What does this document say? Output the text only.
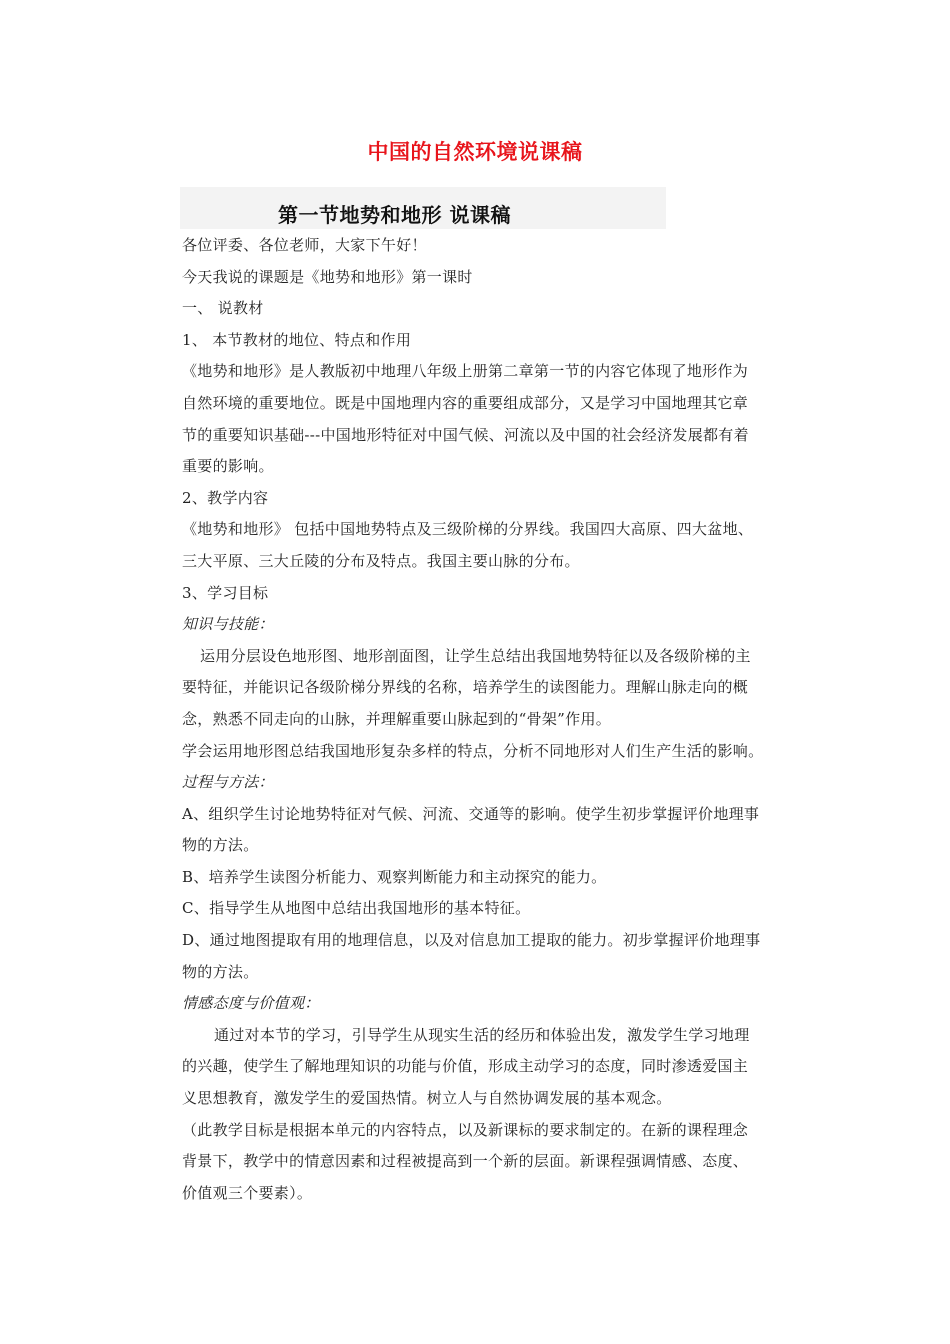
中国的自然环境说课稿
第一节地势和地形 说课稿
各位评委、各位老师，大家下午好！
今天我说的课题是《地势和地形》第一课时
一、 说教材
1、 本节教材的地位、特点和作用
《地势和地形》是人教版初中地理八年级上册第二章第一节的内容它体现了地形作为
自然环境的重要地位。既是中国地理内容的重要组成部分，又是学习中国地理其它章
节的重要知识基础---中国地形特征对中国气候、河流以及中国的社会经济发展都有着
重要的影响。
2、教学内容
《地势和地形》 包括中国地势特点及三级阶梯的分界线。我国四大高原、四大盆地、
三大平原、三大丘陵的分布及特点。我国主要山脉的分布。
3、学习目标
知识与技能：
运用分层设色地形图、地形剖面图，让学生总结出我国地势特征以及各级阶梯的主
要特征，并能识记各级阶梯分界线的名称，培养学生的读图能力。理解山脉走向的概
念，熟悉不同走向的山脉，并理解重要山脉起到的“骨架”作用。
学会运用地形图总结我国地形复杂多样的特点，分析不同地形对人们生产生活的影响。
过程与方法：
A、组织学生讨论地势特征对气候、河流、交通等的影响。使学生初步掌握评价地理事
物的方法。
B、培养学生读图分析能力、观察判断能力和主动探究的能力。
C、指导学生从地图中总结出我国地形的基本特征。
D、通过地图提取有用的地理信息，以及对信息加工提取的能力。初步掌握评价地理事
物的方法。
情感态度与价值观：
通过对本节的学习，引导学生从现实生活的经历和体验出发，激发学生学习地理
的兴趣，使学生了解地理知识的功能与价值，形成主动学习的态度，同时渗透爱国主
义思想教育，激发学生的爱国热情。树立人与自然协调发展的基本观念。
（此教学目标是根据本单元的内容特点，以及新课标的要求制定的。在新的课程理念
背景下，教学中的情意因素和过程被提高到一个新的层面。新课程强调情感、态度、
价值观三个要素）。
